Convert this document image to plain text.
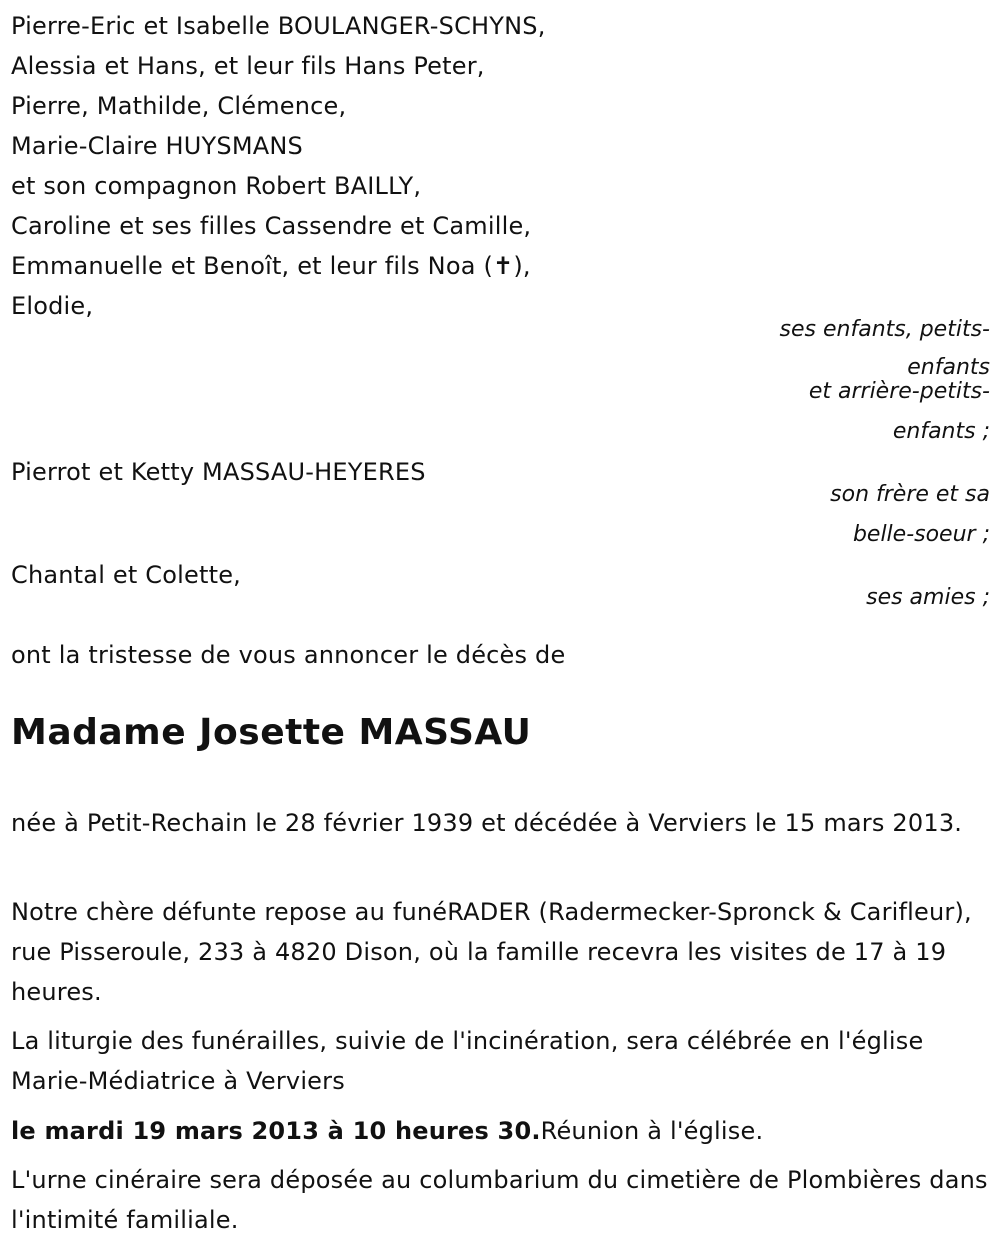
Pierre-Eric et Isabelle BOULANGER-SCHYNS,
Alessia et Hans, et leur fils Hans Peter,
Pierre, Mathilde, Clémence,
Marie-Claire HUYSMANS
et son compagnon Robert BAILLY,
Caroline et ses filles Cassendre et Camille,
Emmanuelle et Benoît, et leur fils Noa (✝),
Elodie,
ses enfants, petits-
enfants
et arrière-petits-
enfants ;
Pierrot et Ketty MASSAU-HEYERES
son frère et sa
belle-soeur ;
Chantal et Colette,
ses amies ;
ont la tristesse de vous annoncer le décès de
Madame Josette MASSAU
née à Petit-Rechain le 28 février 1939 et décédée à Verviers le 15 mars 2013.
Notre chère défunte repose au funéRADER (Radermecker-Spronck & Carifleur), rue Pisseroule, 233 à 4820 Dison, où la famille recevra les visites de 17 à 19 heures.
La liturgie des funérailles, suivie de l'incinération, sera célébrée en l'église Marie-Médiatrice à Verviers
le mardi 19 mars 2013 à 10 heures 30.Réunion à l'église.
L'urne cinéraire sera déposée au columbarium du cimetière de Plombières dans l'intimité familiale.
